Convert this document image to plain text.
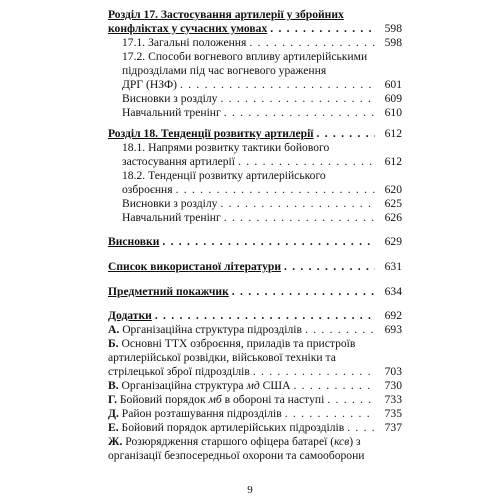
Розділ 17. Застосування артилерії у збройних
конфліктах у сучасних умовах . . .	598
17.1. Загальні положення . . .	598
17.2. Способи вогневого впливу артилерійськими
підрозділами під час вогневого ураження
ДРГ (НЗФ) . . .	601
Висновки з розділу . . .	609
Навчальний тренінг . . .	610
Розділ 18. Тенденції розвитку артилерії . . .	612
18.1. Напрями розвитку тактики бойового
застосування артилерії . . .	612
18.2. Тенденції розвитку артилерійського
озброєння . . .	620
Висновки з розділу . . .	625
Навчальний тренінг . . .	626
Висновки . . .	629
Список використаної літератури . . .	631
Предметний покажчик . . .	634
Додатки . . .	692
А. Організаційна структура підрозділів . . .	693
Б. Основні ТТХ озброєння, приладів та пристроїв
артилерійської розвідки, військової техніки та
стрілецької зброї підрозділів . . .	703
В. Організаційна структура мд США . . .	730
Г. Бойовий порядок мб в обороні та наступі . . .	733
Д. Район розташування підрозділів . . .	735
Е. Бойовий порядок артилерійських підрозділів . . .	737
Ж. Розюрядження старшого офіцера батареї (ксв) з
організації безпосередньої охорони та самооборони
9
